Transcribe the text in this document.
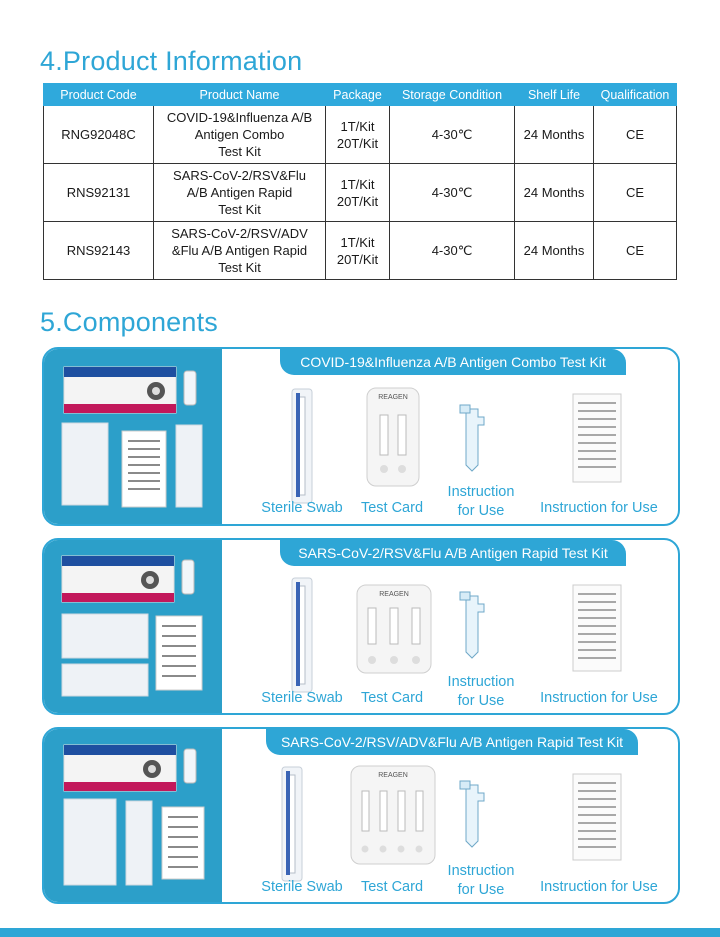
4.Product Information
Product Code	Product Name	Package	Storage Condition	Shelf Life	Qualification
RNG92048C	COVID-19&Influenza A/B
Antigen Combo
Test Kit	1T/Kit
20T/Kit	4-30℃	24 Months	CE
RNS92131	SARS-CoV-2/RSV&Flu
A/B Antigen Rapid
Test Kit	1T/Kit
20T/Kit	4-30℃	24 Months	CE
RNS92143	SARS-CoV-2/RSV/ADV
&Flu A/B Antigen Rapid
Test Kit	1T/Kit
20T/Kit	4-30℃	24 Months	CE
5.Components
COVID-19&Influenza A/B Antigen Combo Test Kit
REAGEN
Sterile Swab	Test Card
Instruction
for Use	Instruction for Use
SARS-CoV-2/RSV&Flu A/B Antigen Rapid Test Kit
REAGEN
Sterile Swab	Test Card
Instruction
for Use	Instruction for Use
SARS-CoV-2/RSV/ADV&Flu A/B Antigen Rapid Test Kit
REAGEN
Sterile Swab	Test Card
Instruction
for Use	Instruction for Use
